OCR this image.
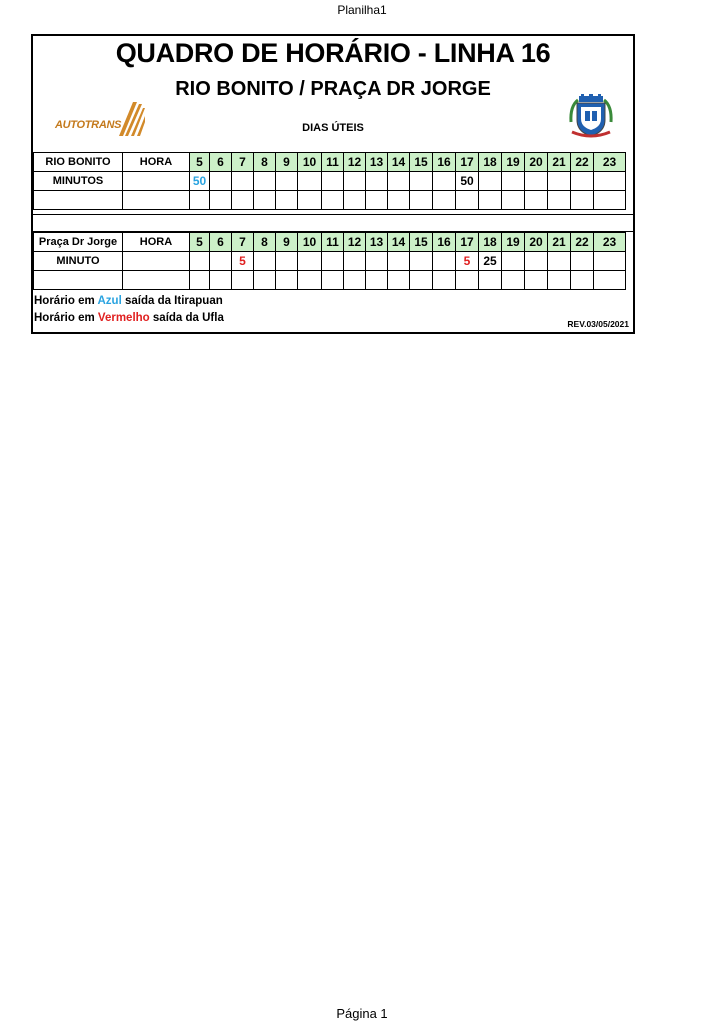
Planilha1
QUADRO DE HORÁRIO - LINHA 16
RIO BONITO / PRAÇA DR JORGE
DIAS ÚTEIS
AUTOTRANS
RIO BONITO	HORA	5	6	7	8	9	10	11	12	13	14	15	16	17	18	19	20	21	22	23
MINUTOS		50												50						

Praça Dr Jorge	HORA	5	6	7	8	9	10	11	12	13	14	15	16	17	18	19	20	21	22	23
MINUTO				5										5	25					

Horário em Azul saída da Itirapuan
Horário em Vermelho saída da Ufla	REV.03/05/2021
Página 1
